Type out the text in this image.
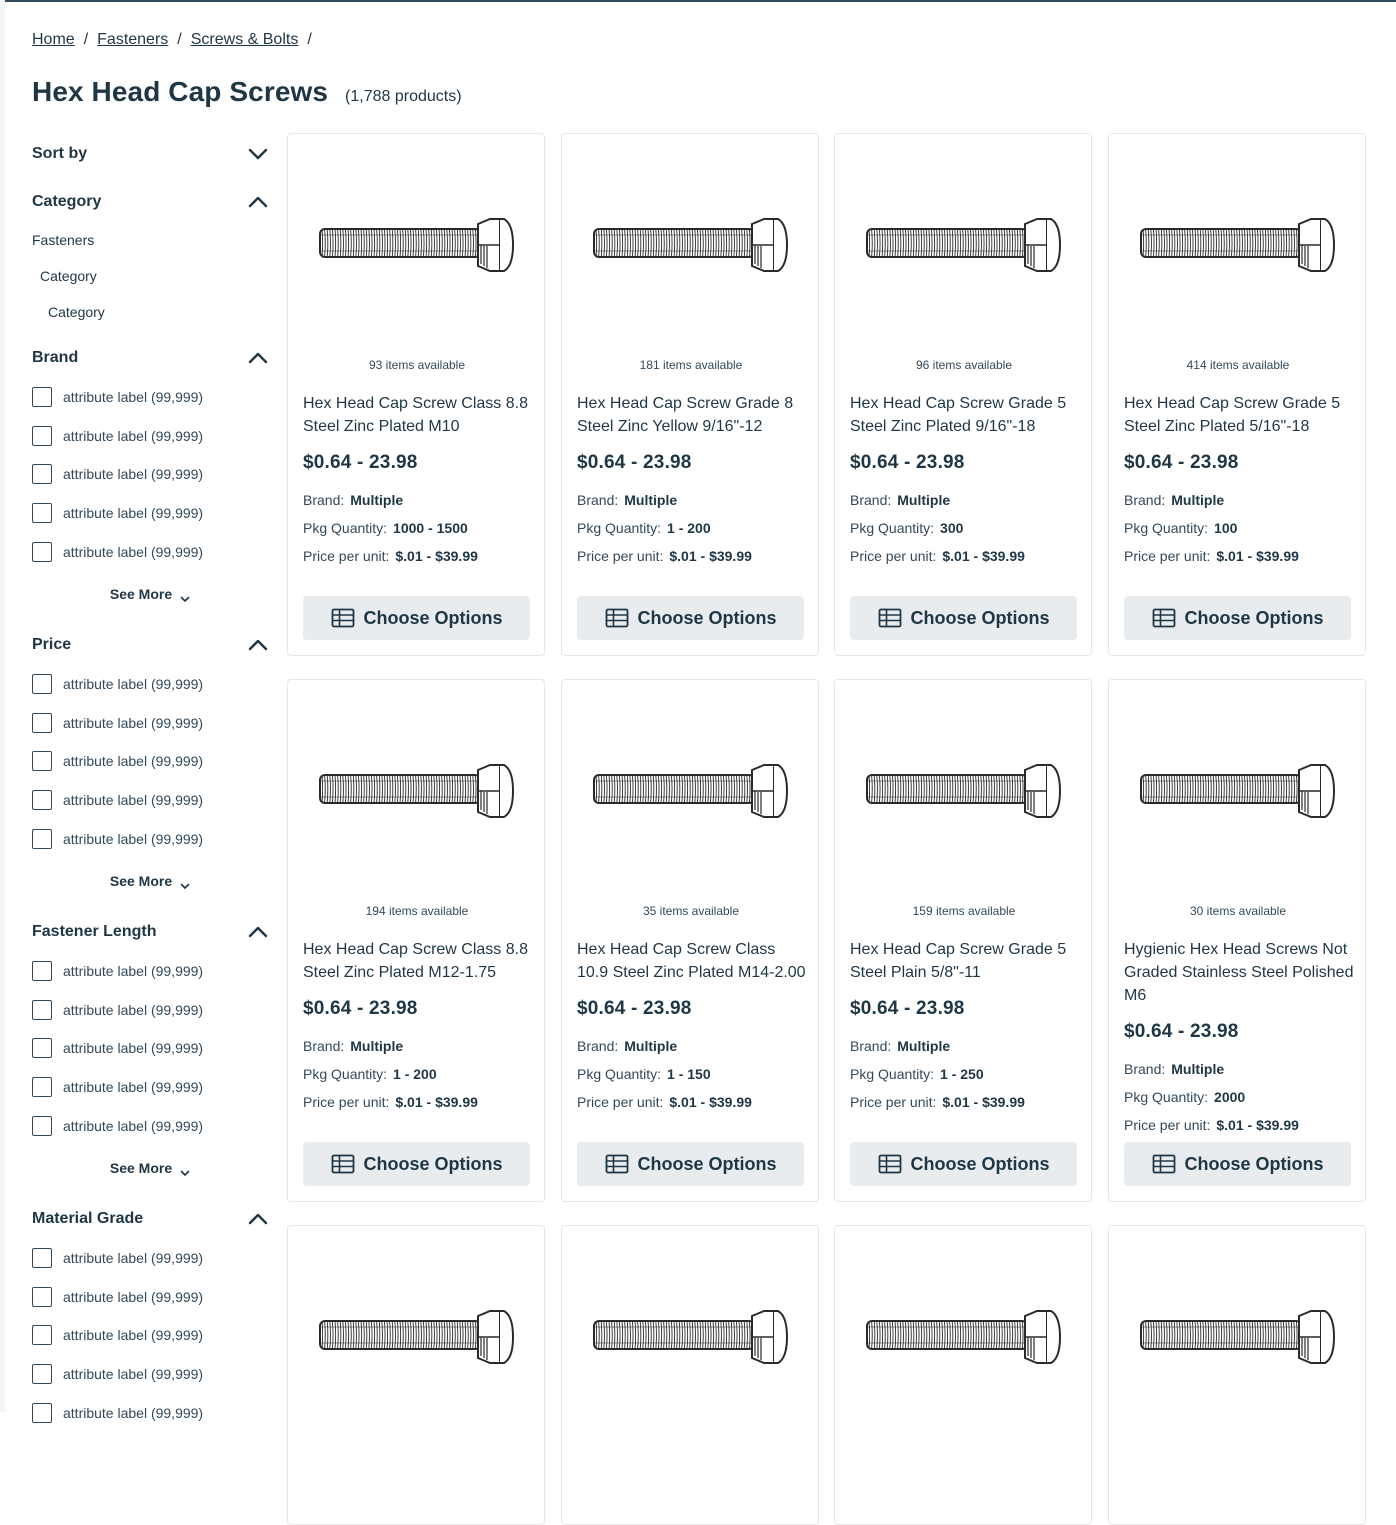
Home / Fasteners / Screws & Bolts /
Hex Head Cap Screws (1,788 products)
Sort by
Category
Fasteners
Category
Category
Brand
attribute label (99,999)
attribute label (99,999)
attribute label (99,999)
attribute label (99,999)
attribute label (99,999)
See More
Price
attribute label (99,999)
attribute label (99,999)
attribute label (99,999)
attribute label (99,999)
attribute label (99,999)
See More
Fastener Length
attribute label (99,999)
attribute label (99,999)
attribute label (99,999)
attribute label (99,999)
attribute label (99,999)
See More
Material Grade
attribute label (99,999)
attribute label (99,999)
attribute label (99,999)
attribute label (99,999)
attribute label (99,999)
93 items available
Hex Head Cap Screw Class 8.8 Steel Zinc Plated M10
$0.64 - 23.98
Brand: Multiple
Pkg Quantity: 1000 - 1500
Price per unit: $.01 - $39.99
Choose Options
181 items available
Hex Head Cap Screw Grade 8 Steel Zinc Yellow 9/16"-12
$0.64 - 23.98
Brand: Multiple
Pkg Quantity: 1 - 200
Price per unit: $.01 - $39.99
Choose Options
96 items available
Hex Head Cap Screw Grade 5 Steel Zinc Plated 9/16"-18
$0.64 - 23.98
Brand: Multiple
Pkg Quantity: 300
Price per unit: $.01 - $39.99
Choose Options
414 items available
Hex Head Cap Screw Grade 5 Steel Zinc Plated 5/16"-18
$0.64 - 23.98
Brand: Multiple
Pkg Quantity: 100
Price per unit: $.01 - $39.99
Choose Options
194 items available
Hex Head Cap Screw Class 8.8 Steel Zinc Plated M12-1.75
$0.64 - 23.98
Brand: Multiple
Pkg Quantity: 1 - 200
Price per unit: $.01 - $39.99
Choose Options
35 items available
Hex Head Cap Screw Class 10.9 Steel Zinc Plated M14-2.00
$0.64 - 23.98
Brand: Multiple
Pkg Quantity: 1 - 150
Price per unit: $.01 - $39.99
Choose Options
159 items available
Hex Head Cap Screw Grade 5 Steel Plain 5/8"-11
$0.64 - 23.98
Brand: Multiple
Pkg Quantity: 1 - 250
Price per unit: $.01 - $39.99
Choose Options
30 items available
Hygienic Hex Head Screws Not Graded Stainless Steel Polished M6
$0.64 - 23.98
Brand: Multiple
Pkg Quantity: 2000
Price per unit: $.01 - $39.99
Choose Options
